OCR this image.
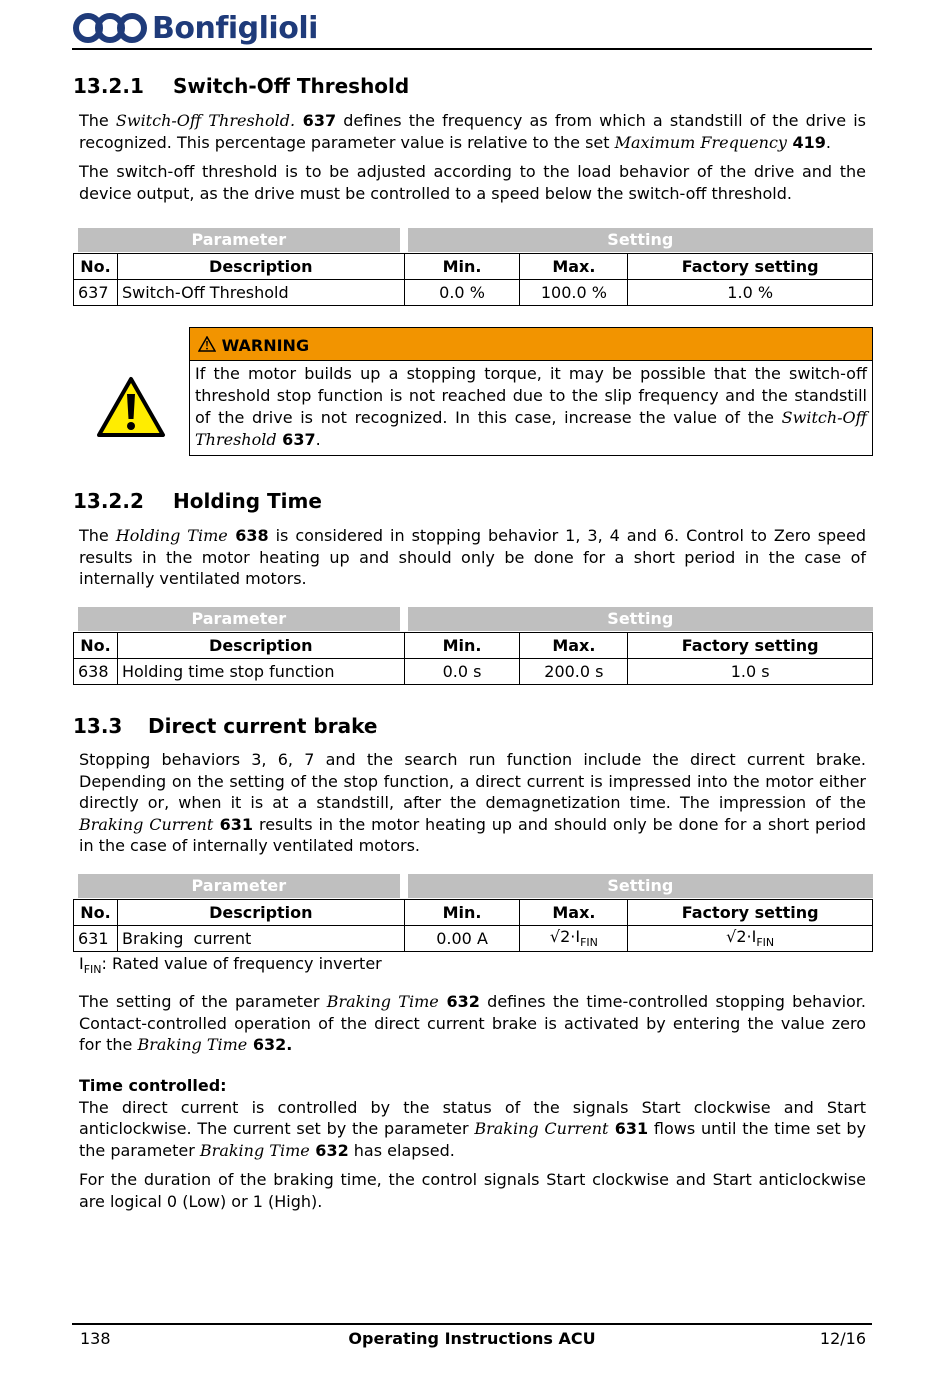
Bonfiglioli
13.2.1 Switch-Off Threshold

The Switch-Off Threshold. 637 defines the frequency as from which a standstill of the drive is recognized. This percentage parameter value is relative to the set Maximum Frequency 419.

The switch-off threshold is to be adjusted according to the load behavior of the drive and the device output, as the drive must be controlled to a speed below the switch-off threshold.

Parameter		Setting		

No.	Description	Min.	Max.	Factory setting
637	Switch-Off Threshold	0.0 %	100.0 %	1.0 %
WARNING
If the motor builds up a stopping torque, it may be possible that the switch-off threshold stop function is not reached due to the slip frequency and the standstill of the drive is not recognized. In this case, increase the value of the Switch-Off Threshold 637.
13.2.2 Holding Time

The Holding Time 638 is considered in stopping behavior 1, 3, 4 and 6. Control to Zero speed results in the motor heating up and should only be done for a short period in the case of internally ventilated motors.

Parameter		Setting		

No.	Description	Min.	Max.	Factory setting
638	Holding time stop function	0.0 s	200.0 s	1.0 s
13.3 Direct current brake

Stopping behaviors 3, 6, 7 and the search run function include the direct current brake. Depending on the setting of the stop function, a direct current is impressed into the motor either directly or, when it is at a standstill, after the demagnetization time. The impression of the Braking Current 631 results in the motor heating up and should only be done for a short period in the case of internally ventilated motors.

Parameter		Setting		

No.	Description	Min.	Max.	Factory setting
631	Braking  current	0.00 A	$√2\cdot I_{FIN}$	$√2\cdot I_{FIN}$

$I_{FIN}$: Rated value of frequency inverter

The setting of the parameter Braking Time 632 defines the time-controlled stopping behavior. Contact-controlled operation of the direct current brake is activated by entering the value zero for the Braking Time 632.

Time controlled:
The direct current is controlled by the status of the signals Start clockwise and Start anticlockwise. The current set by the parameter Braking Current 631 flows until the time set by the parameter Braking Time 632 has elapsed.

For the duration of the braking time, the control signals Start clockwise and Start anticlockwise are logical 0 (Low) or 1 (High).

138	Operating Instructions ACU	12/16
